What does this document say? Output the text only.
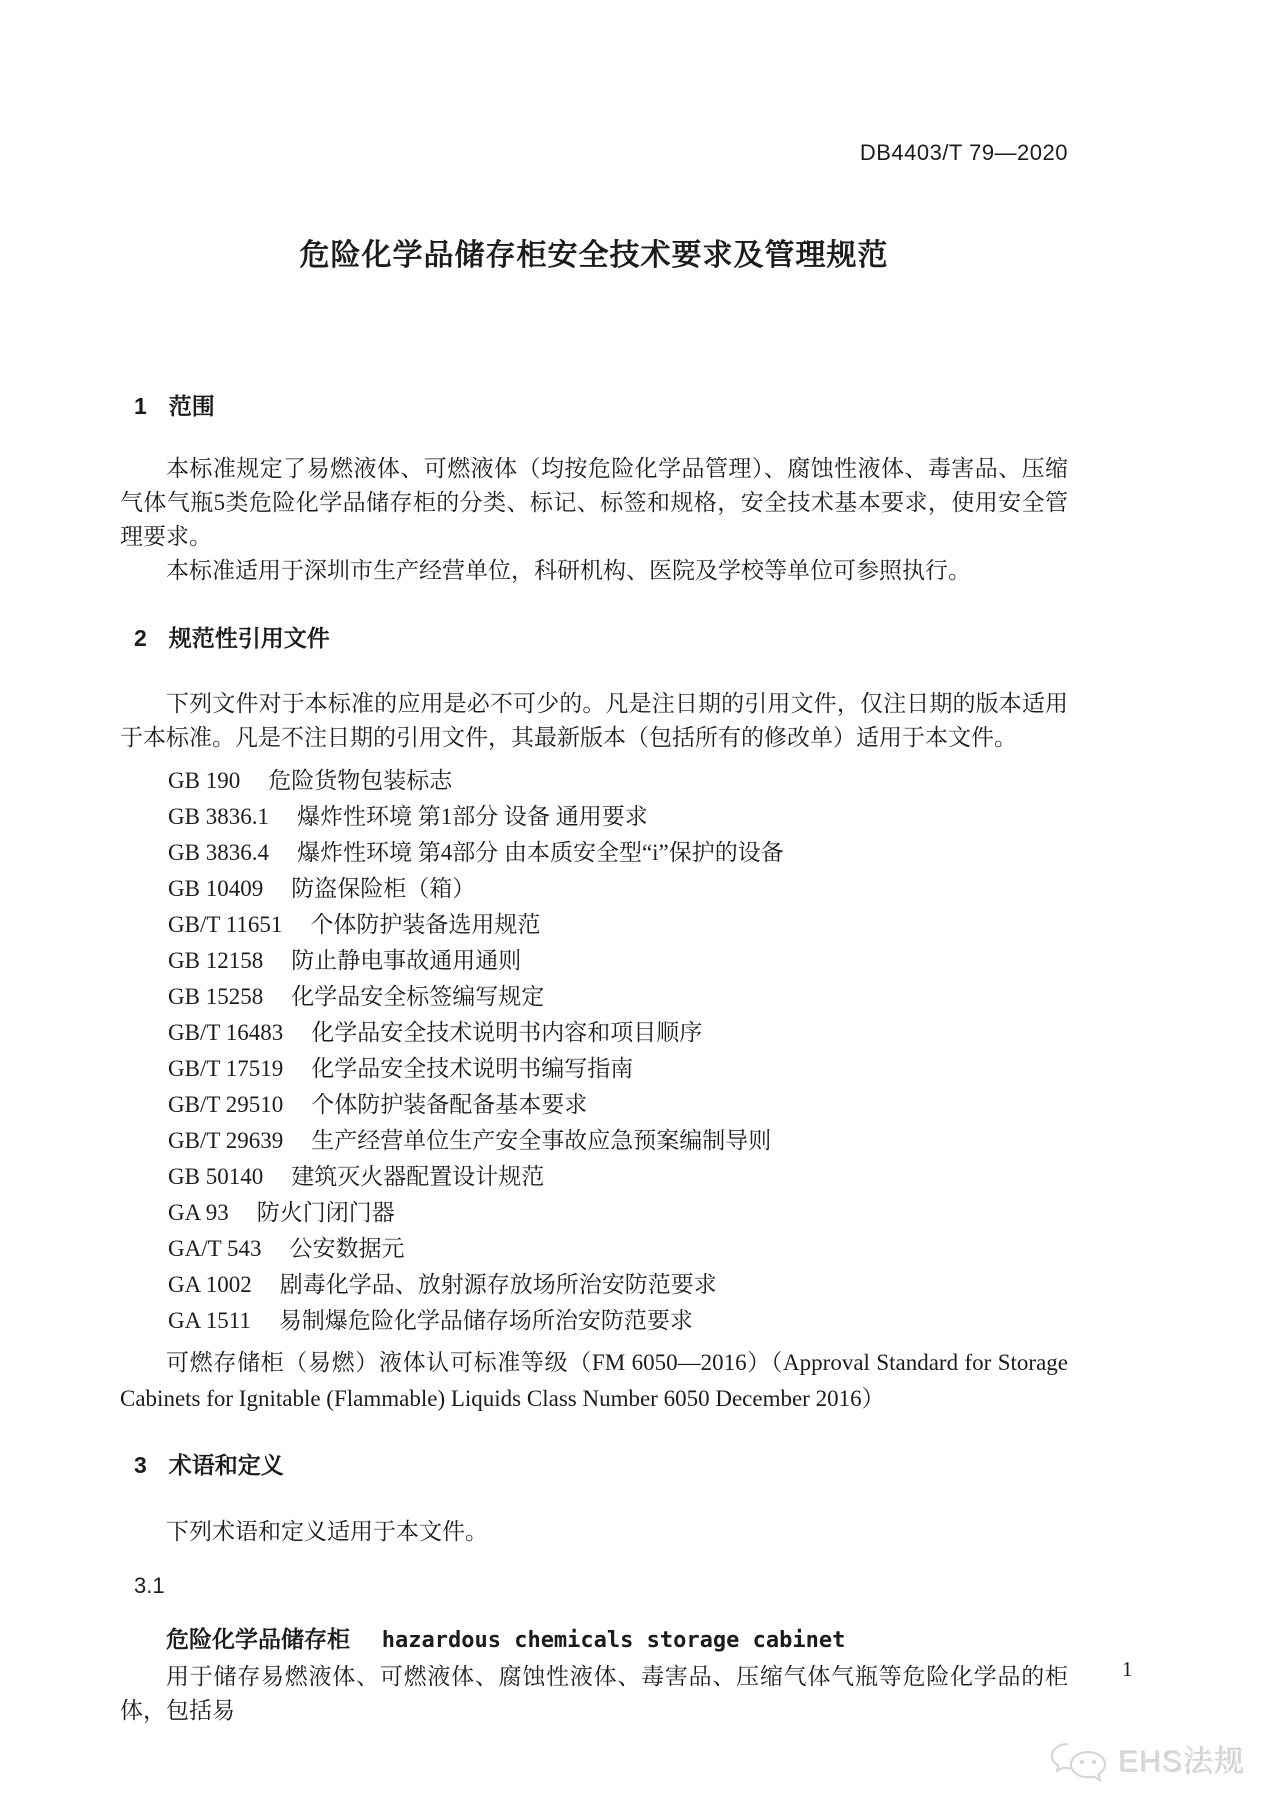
DB4403/T 79—2020
危险化学品储存柜安全技术要求及管理规范
1 范围

本标准规定了易燃液体、可燃液体（均按危险化学品管理）、腐蚀性液体、毒害品、压缩气体气瓶5类危险化学品储存柜的分类、标记、标签和规格，安全技术基本要求，使用安全管理要求。

本标准适用于深圳市生产经营单位，科研机构、医院及学校等单位可参照执行。

2 规范性引用文件

下列文件对于本标准的应用是必不可少的。凡是注日期的引用文件，仅注日期的版本适用于本标准。凡是不注日期的引用文件，其最新版本（包括所有的修改单）适用于本文件。

GB 190 危险货物包装标志
GB 3836.1 爆炸性环境 第1部分 设备 通用要求
GB 3836.4 爆炸性环境 第4部分 由本质安全型“i”保护的设备
GB 10409 防盗保险柜（箱）
GB/T 11651 个体防护装备选用规范
GB 12158 防止静电事故通用通则
GB 15258 化学品安全标签编写规定
GB/T 16483 化学品安全技术说明书内容和项目顺序
GB/T 17519 化学品安全技术说明书编写指南
GB/T 29510 个体防护装备配备基本要求
GB/T 29639 生产经营单位生产安全事故应急预案编制导则
GB 50140 建筑灭火器配置设计规范
GA 93 防火门闭门器
GA/T 543 公安数据元
GA 1002 剧毒化学品、放射源存放场所治安防范要求
GA 1511 易制爆危险化学品储存场所治安防范要求

可燃存储柜（易燃）液体认可标准等级（FM 6050—2016）（Approval Standard for Storage Cabinets for Ignitable (Flammable) Liquids Class Number 6050 December 2016）

3 术语和定义

下列术语和定义适用于本文件。

3.1
危险化学品储存柜 hazardous chemicals storage cabinet

用于储存易燃液体、可燃液体、腐蚀性液体、毒害品、压缩气体气瓶等危险化学品的柜体，包括易

1
EHS法规
